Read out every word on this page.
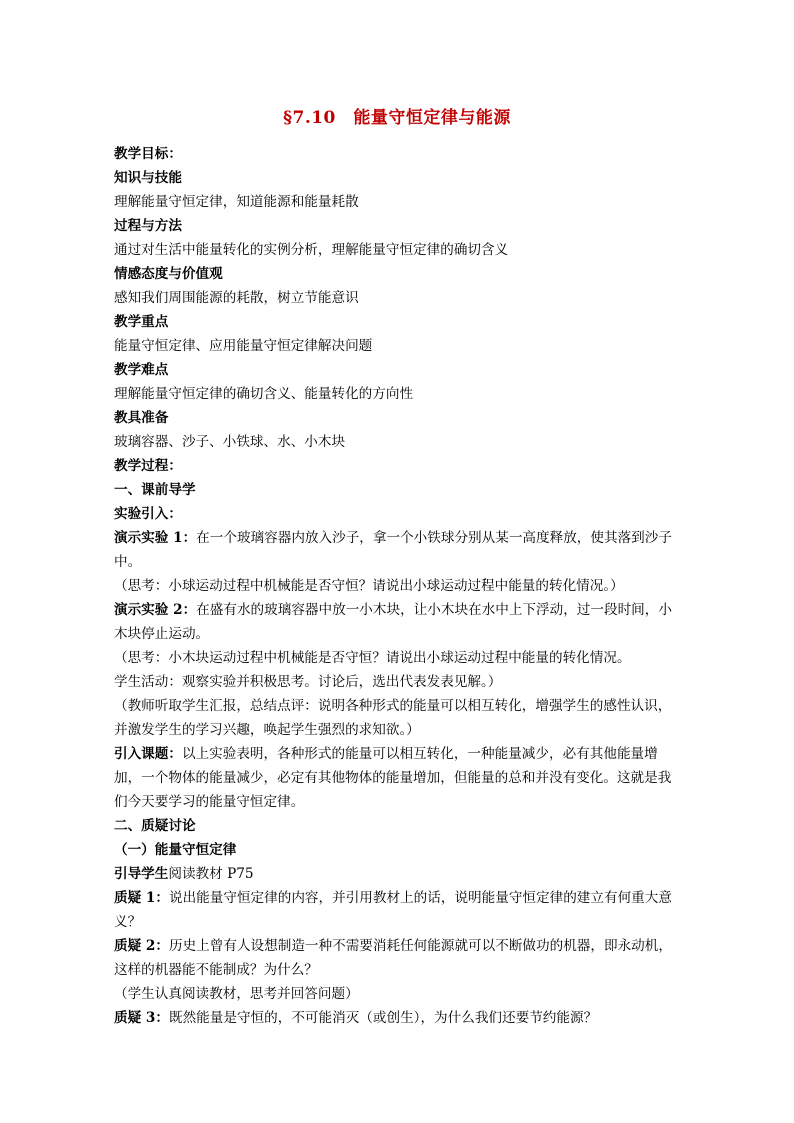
§7.10　能量守恒定律与能源

教学目标：

知识与技能

理解能量守恒定律，知道能源和能量耗散

过程与方法

通过对生活中能量转化的实例分析，理解能量守恒定律的确切含义

情感态度与价值观

感知我们周围能源的耗散，树立节能意识

教学重点

能量守恒定律、应用能量守恒定律解决问题

教学难点

理解能量守恒定律的确切含义、能量转化的方向性

教具准备

玻璃容器、沙子、小铁球、水、小木块

教学过程：

一、课前导学

实验引入：

演示实验 1：在一个玻璃容器内放入沙子，拿一个小铁球分别从某一高度释放，使其落到沙子中。

（思考：小球运动过程中机械能是否守恒？请说出小球运动过程中能量的转化情况。）

演示实验 2：在盛有水的玻璃容器中放一小木块，让小木块在水中上下浮动，过一段时间，小木块停止运动。

（思考：小木块运动过程中机械能是否守恒？请说出小球运动过程中能量的转化情况。

学生活动：观察实验并积极思考。讨论后，选出代表发表见解。）

（教师听取学生汇报，总结点评：说明各种形式的能量可以相互转化，增强学生的感性认识，并激发学生的学习兴趣，唤起学生强烈的求知欲。）

引入课题：以上实验表明，各种形式的能量可以相互转化，一种能量减少，必有其他能量增加，一个物体的能量减少，必定有其他物体的能量增加，但能量的总和并没有变化。这就是我们今天要学习的能量守恒定律。

二、质疑讨论

（一）能量守恒定律

引导学生阅读教材 P75

质疑 1：说出能量守恒定律的内容，并引用教材上的话，说明能量守恒定律的建立有何重大意义？

质疑 2：历史上曾有人设想制造一种不需要消耗任何能源就可以不断做功的机器，即永动机，这样的机器能不能制成？为什么？

（学生认真阅读教材，思考并回答问题）

质疑 3：既然能量是守恒的，不可能消灭（或创生），为什么我们还要节约能源？
